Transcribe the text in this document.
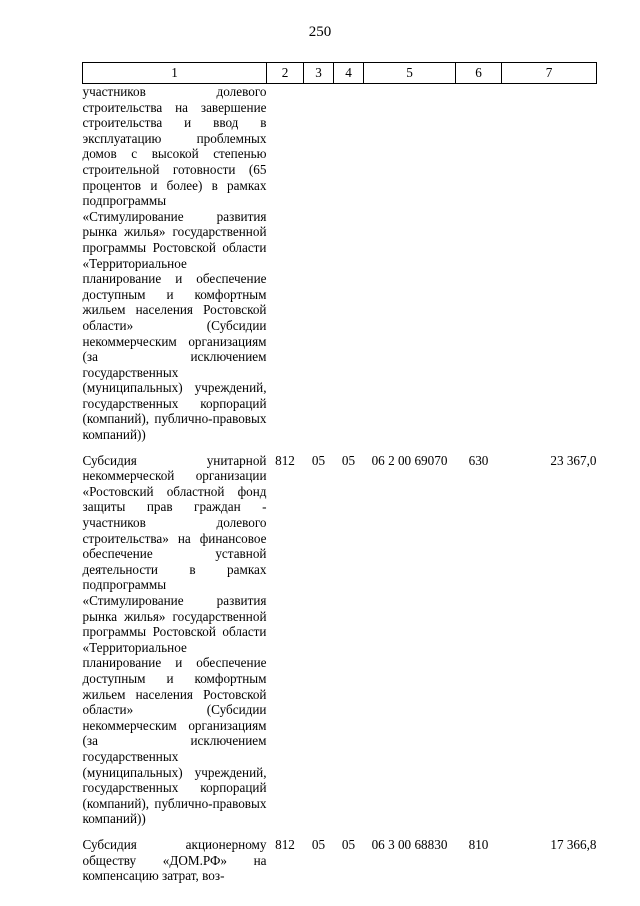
250
1	2	3	4	5	6	7
участников долевого строительства на завершение строительства и ввод в эксплуатацию проблемных домов с высокой степенью строительной готовности (65 процентов и более) в рамках подпрограммы «Стимулирование развития рынка жилья» государственной программы Ростовской области «Территориальное планирование и обеспечение доступным и комфортным жильем населения Ростовской области» (Субсидии некоммерческим организациям (за исключением государственных (муниципальных) учреждений, государственных корпораций (компаний), публично-правовых компаний))						
Субсидия унитарной некоммерческой организации «Ростовский областной фонд защиты прав граждан - участников долевого строительства» на финансовое обеспечение уставной деятельности в рамках подпрограммы «Стимулирование развития рынка жилья» государственной программы Ростовской области «Территориальное планирование и обеспечение доступным и комфортным жильем населения Ростовской области» (Субсидии некоммерческим организациям (за исключением государственных (муниципальных) учреждений, государственных корпораций (компаний), публично-правовых компаний))	812	05	05	06 2 00 69070	630	23 367,0
Субсидия акционерному обществу «ДОМ.РФ» на компенсацию затрат, воз-	812	05	05	06 3 00 68830	810	17 366,8
